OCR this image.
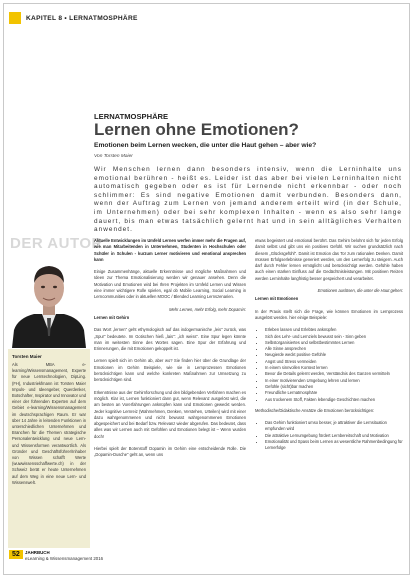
KAPITEL 8 • LERNATMOSPHÄRE
LERNATMOSPHÄRE
Lernen ohne Emotionen?
Emotionen beim Lernen wecken, die unter die Haut gehen – aber wie?
Von Torsten Maier

Wir Menschen lernen dann besonders intensiv, wenn die Lerninhalte uns emotional berühren - heißt es. Leider ist das aber bei vielen Lerninhalten nicht automatisch gegeben oder es ist für Lernende nicht erkennbar - oder noch schlimmer: Es sind negative Emotionen damit verbunden. Besonders dann, wenn der Auftrag zum Lernen von jemand anderem erteilt wird (in der Schule, im Unternehmen) oder bei sehr komplexen Inhalten - wenn es also sehr lange dauert, bis man etwas tatsächlich gelernt hat und in sein alltägliches Verhalten anwendet.

DER AUTOR
Torsten Maier

Als MBA e-learning/Wissensmanagement, Experte für neue Lerntechnologien, DipLing.(FH), Industriekfmann ist Torsten Maier Impuls- und Ideengeber, Querdenker, Botschafter, Inspirator und Innovator und einer der führenden Experten auf dem Gebiet e-learning/Wissensmanagement im deutschsprachigen Raum. Er war über 14 Jahre in leitenden Funktionen in unterschiedlichen Unternehmen und Branchen für die Themen strategische Personalentwicklung und neue Lern- und Wissensformen verantwortlich. Als Gründer und Geschäftsführer/Inhaber von Wissen schafft Werte (wuwwissensschaffwerte.ch) in der Schweiz berät er heute Unternehmen auf dem Weg in eine neue Lern- und Wissenswelt.

Aktuelle Entwicklungen im Umfeld Lernen werfen immer mehr die Fragen auf, wie man Mitarbeitenden in Unternehmen, Studenten in Hochschulen oder Schüler in Schulen - kurzum Lerner motivieren und emotional ansprechen kann

Einige Zusammenhänge, aktuelle Erkenntnisse und mögliche Maßnahmen und Ideen zur Thema Emotionalisierung werden wir genauer ansehen. Denn die Motivation und Emotionen wird bei Ihren Projekten im Umfeld Lernen und Wissen eine immer wichtigere Rolle spielen, egal ob Mobile Learning, Social Learning in Lerncommunities oder in aktuellen MOOC / Blended Learning Lernszenarien.

Mehr Lernen, mehr Erfolg, mehr Dopamin:

Lernen mit Gehirn

Das Wort „lernen" geht ethymologisch auf das indogermanische „leis" zurück, was „Spur" bedeutete. Im Gotischen hieß „lais": „ich weiss". Eine Spur legen könnte man im weitesten Sinne des Wortes sagen. Eine Spur der Erfahrung und Erinnerungen, die mit Emotionen gekoppelt ist.

Lernen spielt sich im Gehirn ab, aber wo? Sie finden hier über die Grundlage der Emotionen im Gehirn Beispiele, wie sie in Lernprozessen Emotionen berücksichtigen kann und welche konkreten Maßnahmen zur Umsetzung zu berücksichtigen sind.

Erkenntnisse aus der Gehirnforschung und den bildgebenden Verfahren machen es möglich. Klar ist, Lernen funktioniert dann gut, wenn Relevanz ausgelöst wird, die am besten an Vorerfahrungen anknüpfen kann und Emotionen geweckt werden. Jeder kognitive Lernreiz (Wahrnehmen, Denken, Verstehen, Urteilen) wird mit einer dazu wahrgenommenen und nicht bewusst wahrgenommenen Emotionen abgespeichert und bei Bedarf bzw. Relevanz wieder abgerufen. Das bedeutet, dass alles was wir Lernen auch mit Gefühlen und Emotionen belegt ist – Wenn wurden doch!

Hierbei spielt der Botenstoff Dopamin im Gehirn eine entscheidende Rolle. Die „Dopamin-Dusche" geht an, wenn uns

etwas begeistert und emotional berührt. Das Gehirn belohnt sich für jeden Erfolg damit selbst und gibt uns ein positives Gefühl. Wir suchen grundsätzlich nach diesem „Glücksgefühl". Damit ist Emotion das Tor zum rationalen Denken. Damit müssen Erfolgserlebnisse generiert werden, um den Lernerfolg zu steigern. Auch darf durch Fehler lernen ermöglicht und berücksichtigt werden. Gefühle haben auch einen starken Einfluss auf die Gedächtnisleistungen. Mit positiven Reizen werden Lerninhalte langfristig besser gespeichert und verarbeitet.

Emotionen auslösen, die unter die Haut gehen:

Lernen mit Emotionen

In der Praxis stellt sich die Frage, wie können Emotionen im Lernprozess ausgelöst werden. hier einige Beispiele:

• Erleben lassen und Erlebtes anknüpfen
• Sich des Lehr- und Lernziels bewusst sein - Sinn geben
• Selbstorganisiertes und selbstbestimmtes Lernen
• Alle Sinne ansprechen
• Neugierde weckt positive Gefühle
• Angst und Stress vermeiden
• In einem sinnvollen Kontext lernen
• Bevor die Details gelernt werden, Verständnis des Ganzen vermitteln
• In einer motivierenden Umgebung lehren und lernen
• Gefühle (sicht)bar machen
• Freundliche Lernatmosphäre
• Aus trockenem Stoff, Fakten lebendige Geschichten machen

Methodische/Didaktische Ansätze die Emotionen berücksichtigen:

• Das Gehirn funktioniert umso besser, je attraktiver die Lernsituation empfunden wird
• Die attraktive Lernumgebung fördert Lernbereitschaft und Motivation
• Emotionalität und Spass beim Lernen as wesentliche Rahmenbedingung für Lernerfolge
52 JAHRBUCH
eLearning & Wissensmanagement 2016
